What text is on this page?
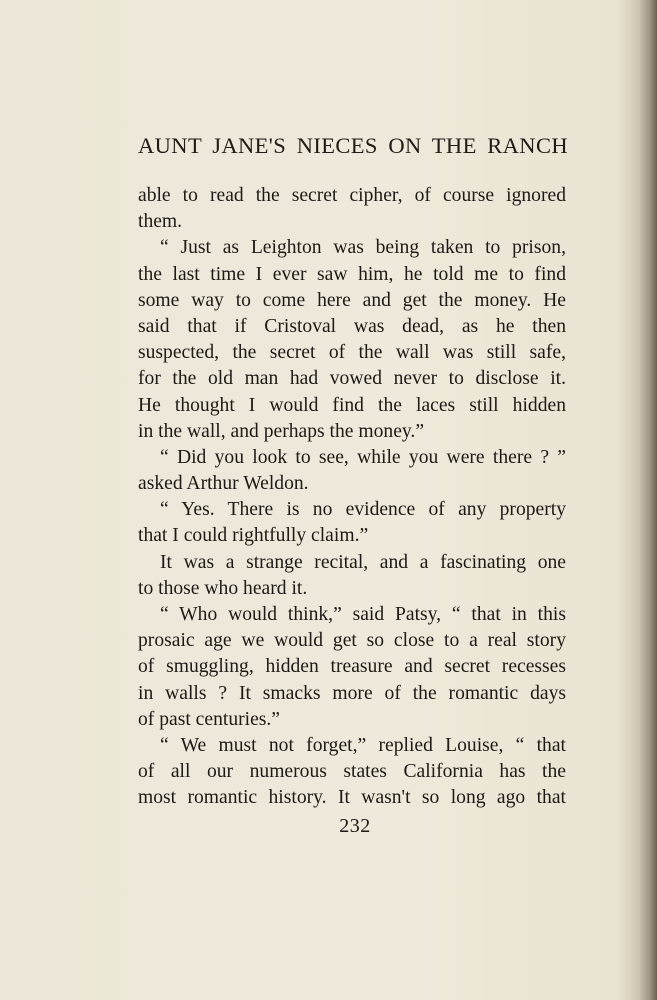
AUNT JANE'S NIECES ON THE RANCH
able to read the secret cipher, of course ignored
them.
“ Just as Leighton was being taken to prison,
the last time I ever saw him, he told me to find
some way to come here and get the money. He
said that if Cristoval was dead, as he then
suspected, the secret of the wall was still safe,
for the old man had vowed never to disclose it.
He thought I would find the laces still hidden
in the wall, and perhaps the money.”
“ Did you look to see, while you were there ? ”
asked Arthur Weldon.
“ Yes. There is no evidence of any property
that I could rightfully claim.”
It was a strange recital, and a fascinating one
to those who heard it.
“ Who would think,” said Patsy, “ that in this
prosaic age we would get so close to a real story
of smuggling, hidden treasure and secret recesses
in walls ? It smacks more of the romantic days
of past centuries.”
“ We must not forget,” replied Louise, “ that
of all our numerous states California has the
most romantic history. It wasn't so long ago that
232
